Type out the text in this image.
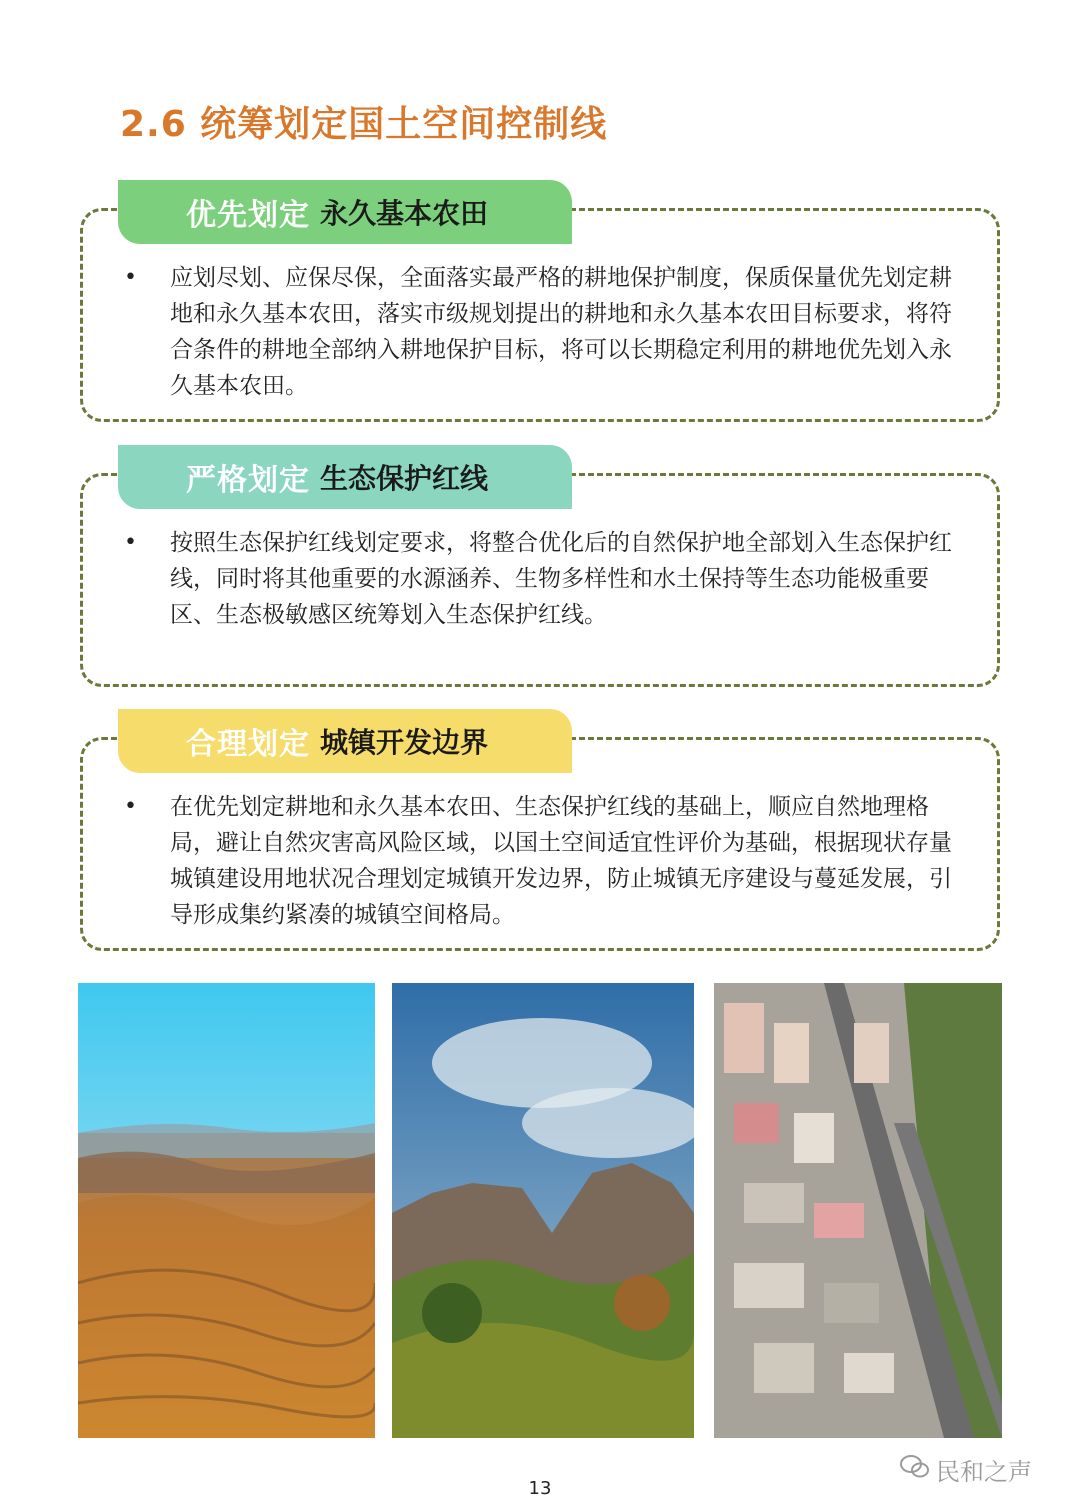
2.6 统筹划定国土空间控制线
优先划定 永久基本农田
•	应划尽划、应保尽保，全面落实最严格的耕地保护制度，保质保量优先划定耕地和永久基本农田，落实市级规划提出的耕地和永久基本农田目标要求，将符合条件的耕地全部纳入耕地保护目标，将可以长期稳定利用的耕地优先划入永久基本农田。

严格划定 生态保护红线
•	按照生态保护红线划定要求，将整合优化后的自然保护地全部划入生态保护红线，同时将其他重要的水源涵养、生物多样性和水土保持等生态功能极重要区、生态极敏感区统筹划入生态保护红线。

合理划定 城镇开发边界
•	在优先划定耕地和永久基本农田、生态保护红线的基础上，顺应自然地理格局，避让自然灾害高风险区域，以国土空间适宜性评价为基础，根据现状存量城镇建设用地状况合理划定城镇开发边界，防止城镇无序建设与蔓延发展，引导形成集约紧凑的城镇空间格局。

民和之声
13
